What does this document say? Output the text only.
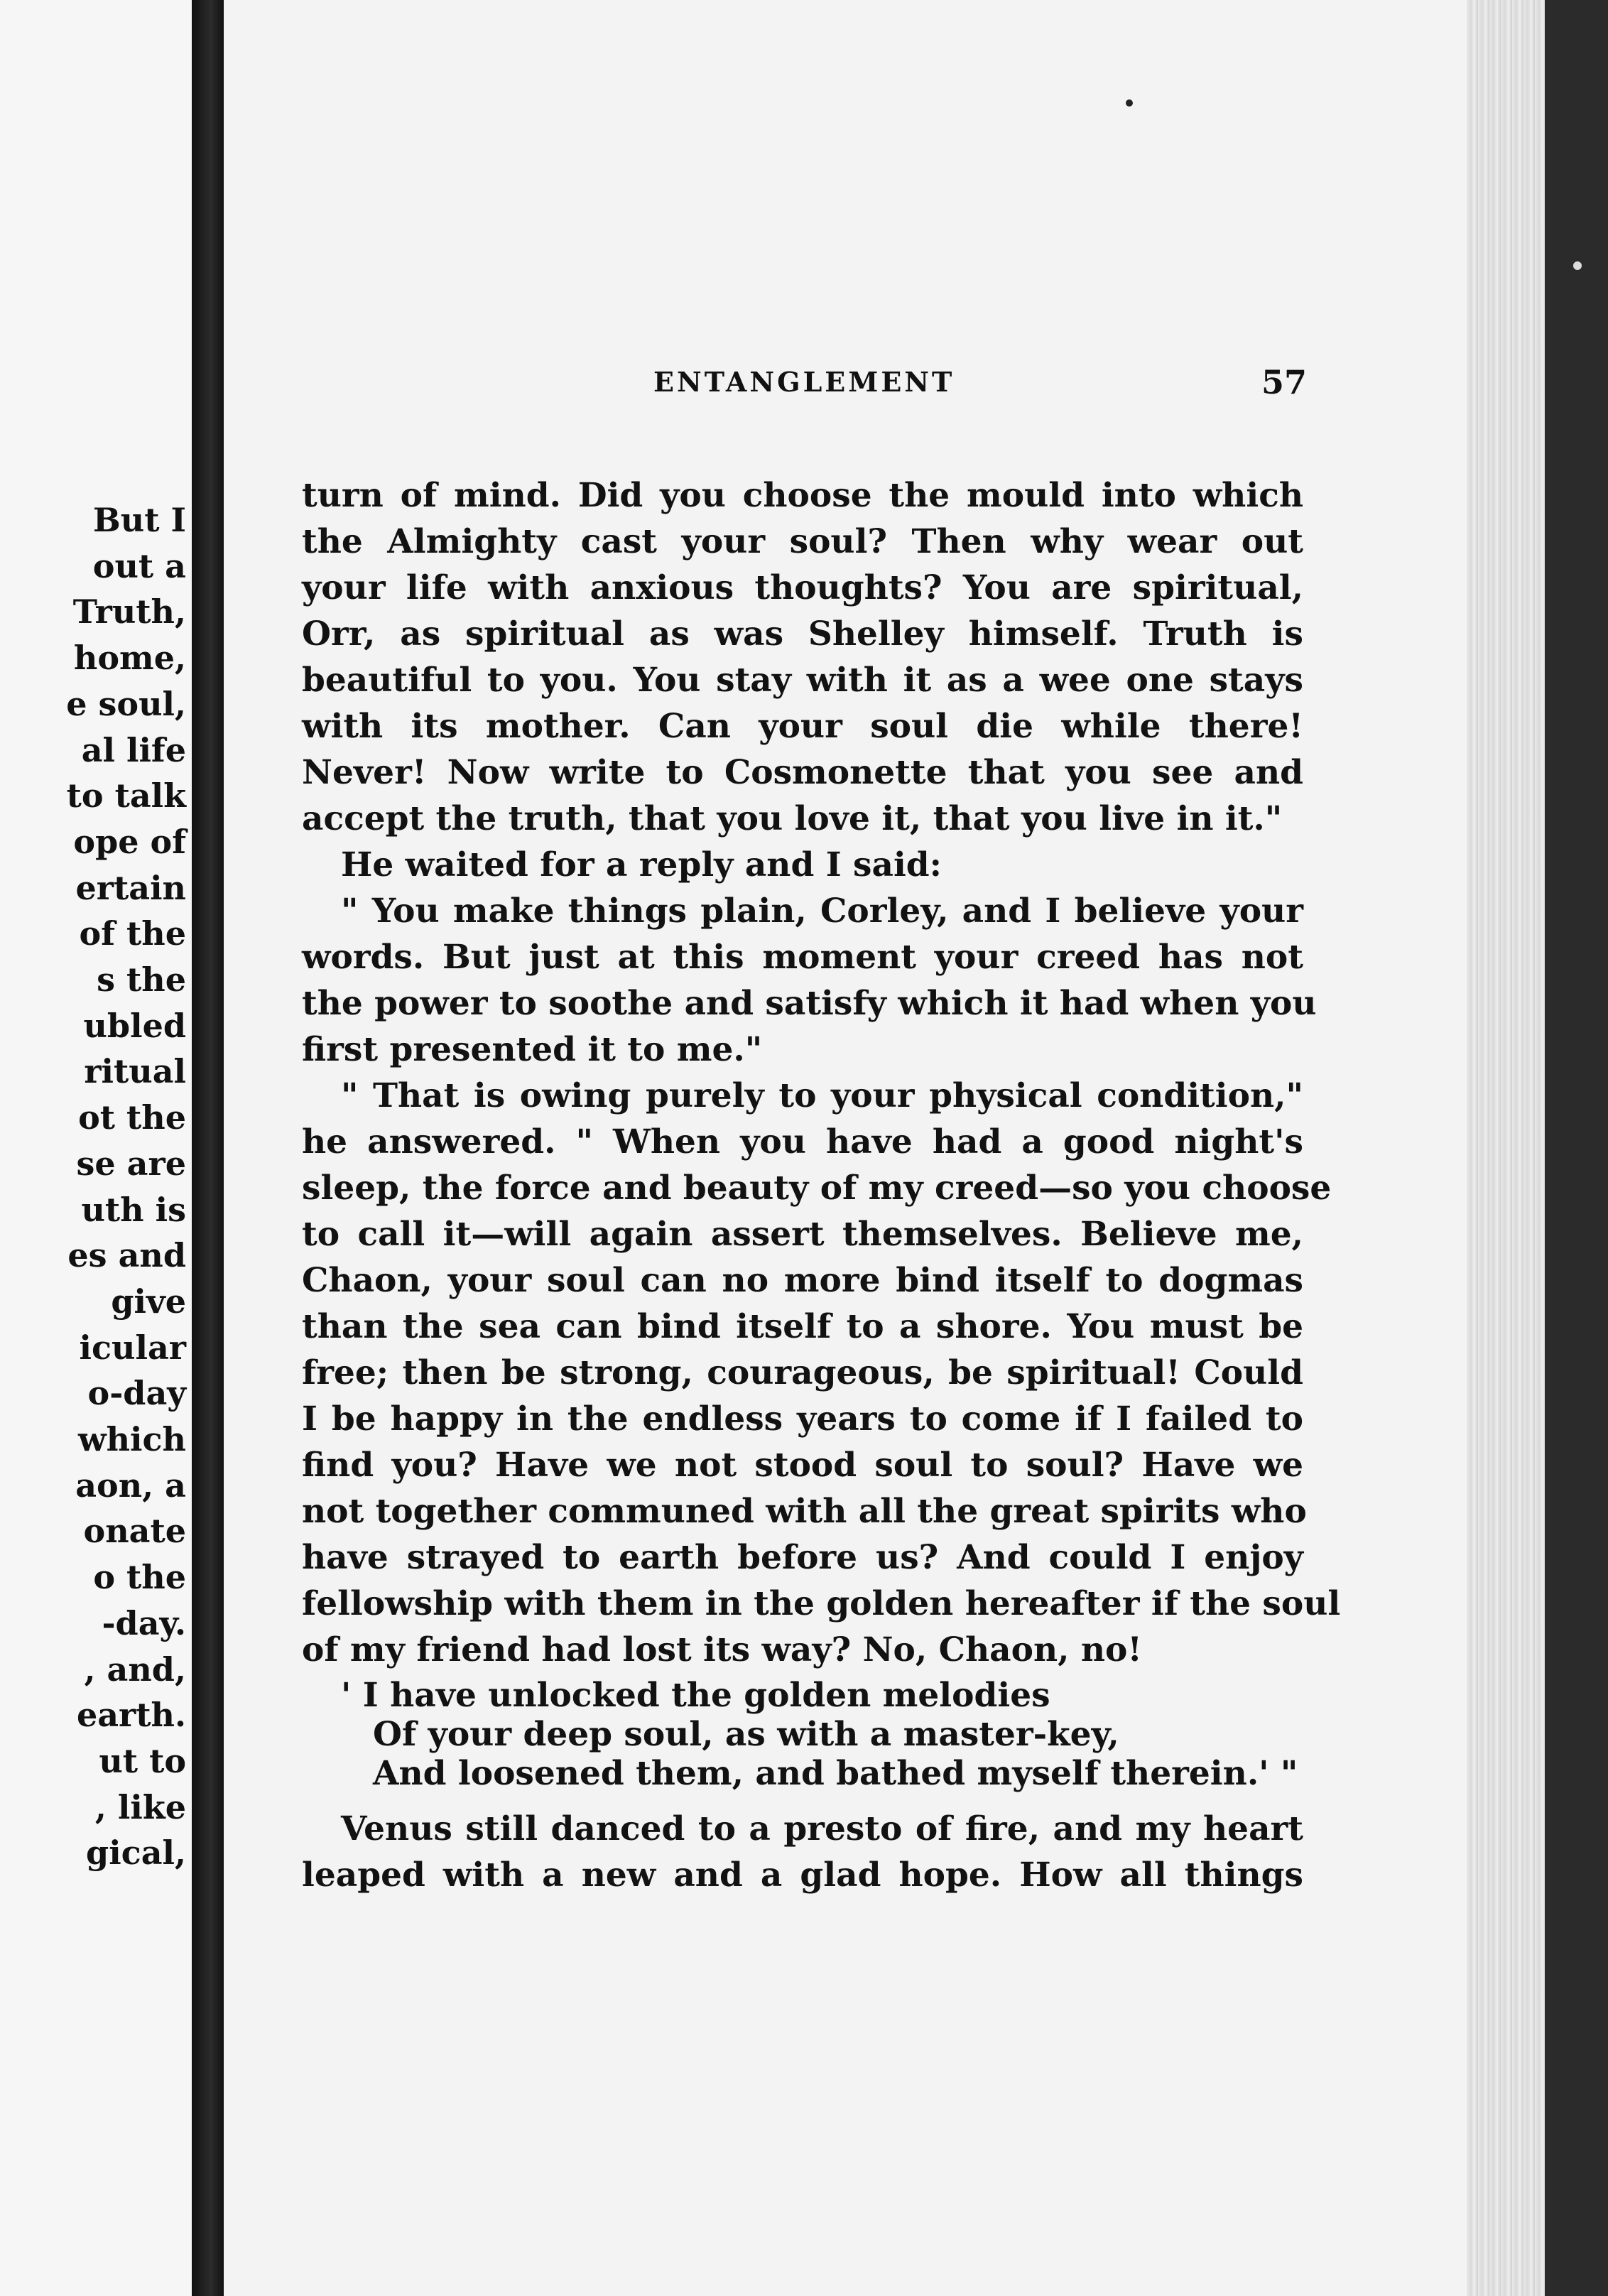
But I
out a
Truth,
home,
e soul,
al life
to talk
ope of
ertain
of the
s the
ubled
ritual
ot the
se are
uth is
es and
give
icular
o-day
which
aon, a
onate
o the
-day.
, and,
earth.
ut to
, like
gical,
ENTANGLEMENT	57
turn of mind. Did you choose the mould into which
the Almighty cast your soul? Then why wear out
your life with anxious thoughts? You are spiritual,
Orr, as spiritual as was Shelley himself. Truth is
beautiful to you. You stay with it as a wee one stays
with its mother. Can your soul die while there!
Never! Now write to Cosmonette that you see and
accept the truth, that you love it, that you live in it."
He waited for a reply and I said:
" You make things plain, Corley, and I believe your
words. But just at this moment your creed has not
the power to soothe and satisfy which it had when you
first presented it to me."
" That is owing purely to your physical condition,"
he answered. " When you have had a good night's
sleep, the force and beauty of my creed—so you choose
to call it—will again assert themselves. Believe me,
Chaon, your soul can no more bind itself to dogmas
than the sea can bind itself to a shore. You must be
free; then be strong, courageous, be spiritual! Could
I be happy in the endless years to come if I failed to
find you? Have we not stood soul to soul? Have we
not together communed with all the great spirits who
have strayed to earth before us? And could I enjoy
fellowship with them in the golden hereafter if the soul
of my friend had lost its way? No, Chaon, no!
' I have unlocked the golden melodies
Of your deep soul, as with a master-key,
And loosened them, and bathed myself therein.' "
Venus still danced to a presto of fire, and my heart
leaped with a new and a glad hope. How all things
